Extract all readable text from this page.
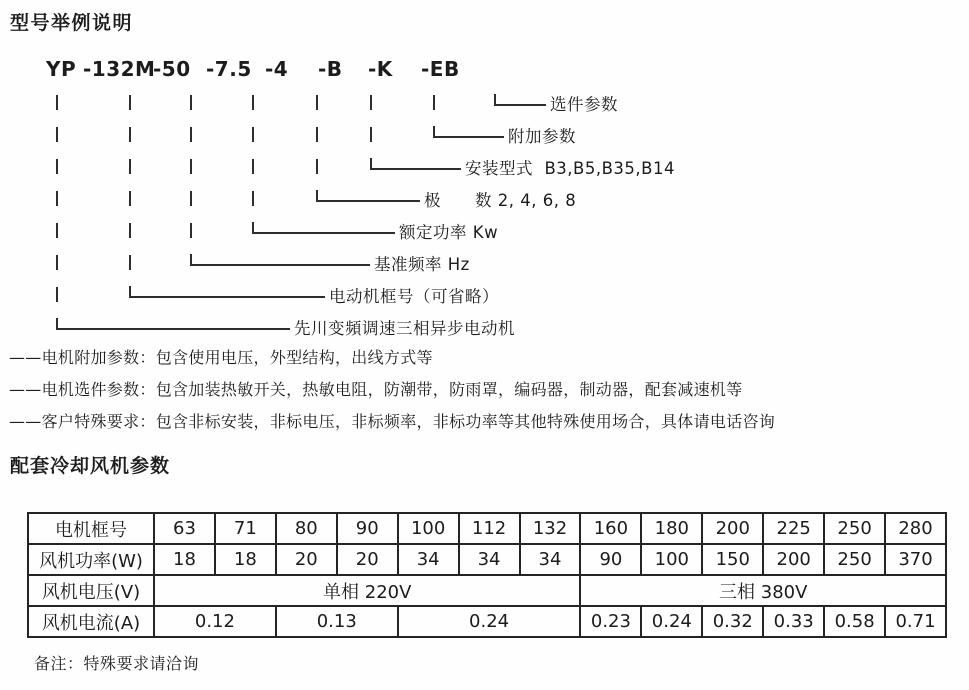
型号举例说明
YP -132M
-50 -7.5 -4 -B -K -EB
选件参数
附加参数
安装型式  B3,B5,B35,B14
极　　数 2, 4, 6, 8
额定功率 Kw
基准频率 Hz
电动机框号（可省略）
先川变頻调速三相异步电动机
——电机附加参数：包含使用电压，外型结构，出线方式等
——电机选件参数：包含加装热敏开关，热敏电阻，防潮带，防雨罩，编码器，制动器，配套减速机等
——客户特殊要求：包含非标安装，非标电压，非标频率，非标功率等其他特殊使用场合，具体请电话咨询
配套冷却风机参数
电机框号	63	71	80	90	100	112	132	160	180	200	225	250	280
风机功率(W)	18	18	20	20	34	34	34	90	100	150	200	250	370
风机电压(V)	单相 220V							三相 380V					
风机电流(A)	0.12		0.13		0.24			0.23	0.24	0.32	0.33	0.58	0.71
备注：特殊要求请洽询
